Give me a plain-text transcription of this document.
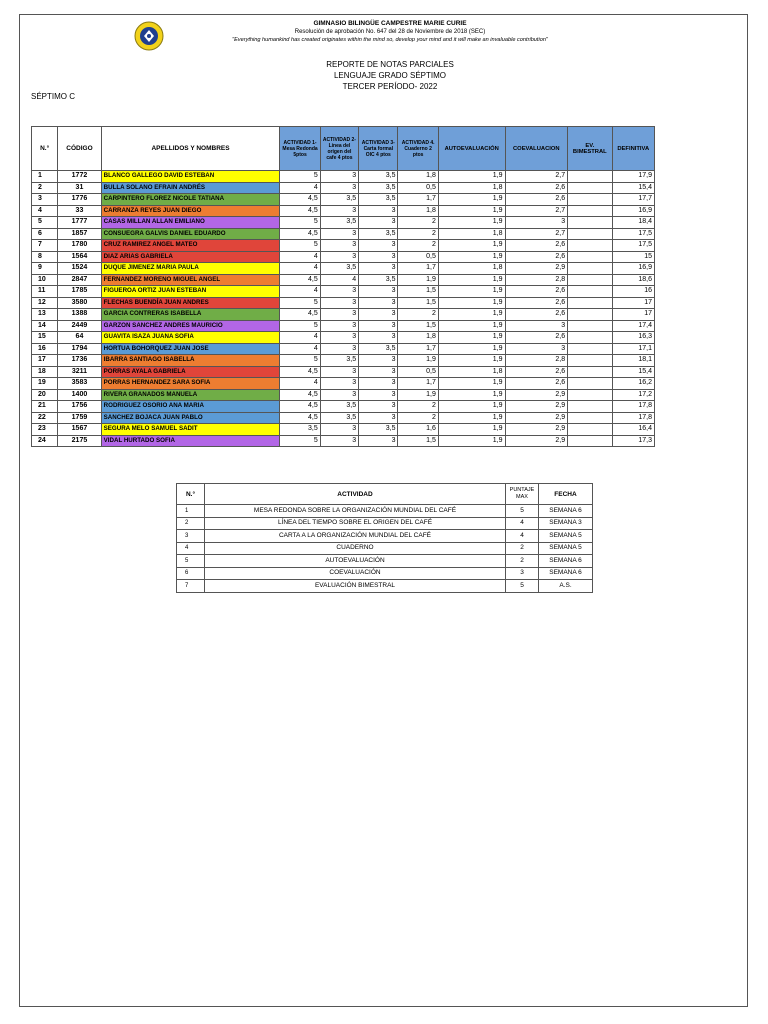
GIMNASIO BILINGÜE CAMPESTRE MARIE CURIE
Resolución de aprobación No. 647 del 28 de Noviembre de 2018 (SEC)
"Everything humankind has created originates within the mind so, develop your mind and it will make an invaluable contribution"
REPORTE DE NOTAS PARCIALES
LENGUAJE GRADO SÉPTIMO
TERCER PERÍODO- 2022
SÉPTIMO C
N.°	CÓDIGO	APELLIDOS Y NOMBRES	ACTIVIDAD 1- Mesa Redonda 5ptos	ACTIVIDAD 2- Línea del origen del cafe 4 ptos	ACTIVIDAD 3- Carta formal OIC 4 ptos	ACTIVIDAD 4. Cuaderno 2 ptos	AUTOEVALUACIÓN	COEVALUACION	EV. BIMESTRAL	DEFINITIVA
1	1772	BLANCO GALLEGO DAVID ESTEBAN	5	3	3,5	1,8	1,9	2,7		17,9
2	31	BULLA SOLANO EFRAIN ANDRÉS	4	3	3,5	0,5	1,8	2,6		15,4
3	1776	CARPINTERO FLOREZ NICOLE TATIANA	4,5	3,5	3,5	1,7	1,9	2,6		17,7
4	33	CARRANZA REYES JUAN DIEGO	4,5	3	3	1,8	1,9	2,7		16,9
5	1777	CASAS MILLAN ALLAN EMILIANO	5	3,5	3	2	1,9	3		18,4
6	1857	CONSUEGRA GALVIS DANIEL EDUARDO	4,5	3	3,5	2	1,8	2,7		17,5
7	1780	CRUZ RAMIREZ ANGEL MATEO	5	3	3	2	1,9	2,6		17,5
8	1564	DIAZ ARIAS GABRIELA	4	3	3	0,5	1,9	2,6		15
9	1524	DUQUE JIMENEZ MARIA PAULA	4	3,5	3	1,7	1,8	2,9		16,9
10	2847	FERNANDEZ MORENO MIGUEL ANGEL	4,5	4	3,5	1,9	1,9	2,8		18,6
11	1785	FIGUEROA ORTIZ JUAN ESTEBAN	4	3	3	1,5	1,9	2,6		16
12	3580	FLECHAS BUENDÍA JUAN ANDRES	5	3	3	1,5	1,9	2,6		17
13	1388	GARCIA CONTRERAS ISABELLA	4,5	3	3	2	1,9	2,6		17
14	2449	GARZON SANCHEZ ANDRES MAURICIO	5	3	3	1,5	1,9	3		17,4
15	64	GUAVITA ISAZA JUANA SOFIA	4	3	3	1,8	1,9	2,6		16,3
16	1794	HORTUA BOHORQUEZ JUAN JOSE	4	3	3,5	1,7	1,9	3		17,1
17	1736	IBARRA SANTIAGO ISABELLA	5	3,5	3	1,9	1,9	2,8		18,1
18	3211	PORRAS AYALA GABRIELA	4,5	3	3	0,5	1,8	2,6		15,4
19	3583	PORRAS HERNANDEZ SARA SOFIA	4	3	3	1,7	1,9	2,6		16,2
20	1400	RIVERA GRANADOS MANUELA	4,5	3	3	1,9	1,9	2,9		17,2
21	1756	RODRIGUEZ OSORIO ANA MARIA	4,5	3,5	3	2	1,9	2,9		17,8
22	1759	SANCHEZ BOJACA JUAN PABLO	4,5	3,5	3	2	1,9	2,9		17,8
23	1567	SEGURA MELO SAMUEL SADIT	3,5	3	3,5	1,6	1,9	2,9		16,4
24	2175	VIDAL HURTADO SOFIA	5	3	3	1,5	1,9	2,9		17,3
N.°	ACTIVIDAD	PUNTAJE MAX	FECHA
1	MESA REDONDA SOBRE LA ORGANIZACIÓN MUNDIAL DEL CAFÉ	5	SEMANA 6
2	LÍNEA DEL TIEMPO SOBRE EL ORIGEN DEL CAFÉ	4	SEMANA 3
3	CARTA A LA ORGANIZACIÓN MUNDIAL DEL CAFÉ	4	SEMANA 5
4	CUADERNO	2	SEMANA 5
5	AUTOEVALUACIÓN	2	SEMANA 6
6	COEVALUACIÓN	3	SEMANA 6
7	EVALUACIÓN BIMESTRAL	5	A.S.
